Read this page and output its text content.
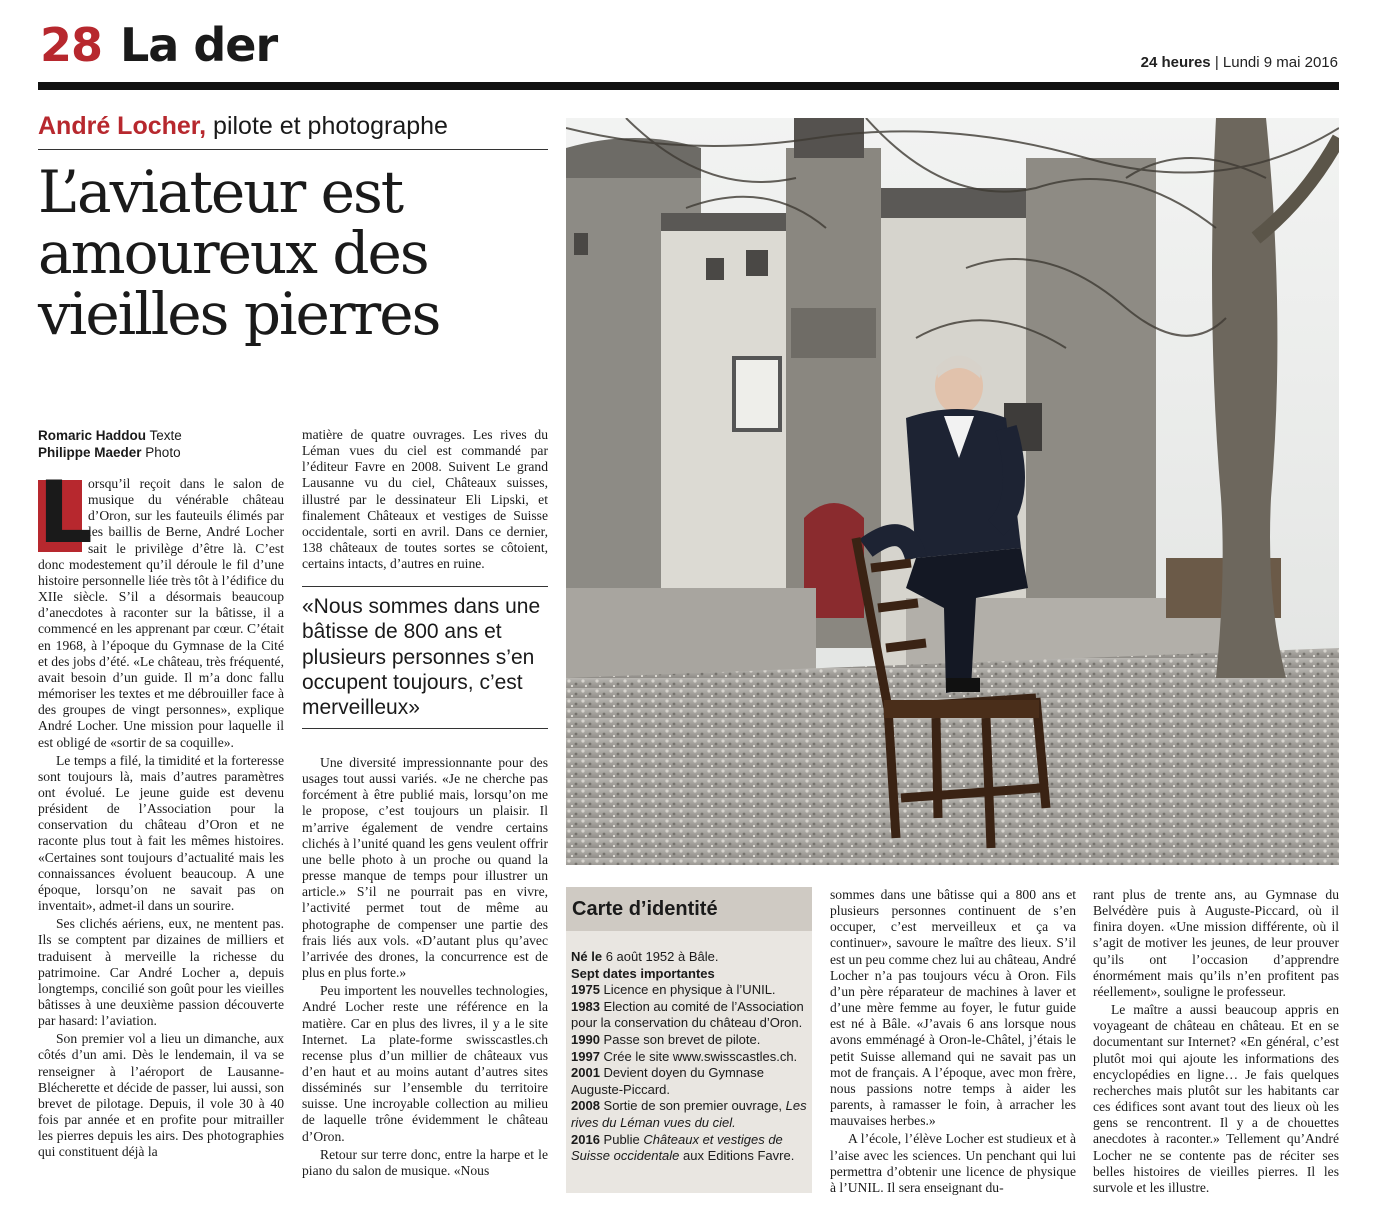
28 La der	24 heures | Lundi 9 mai 2016
André Locher, pilote et photographe
L’aviateur est amoureux des vieilles pierres
Romaric Haddou Texte
Philippe Maeder Photo

L
orsqu’il reçoit dans le salon de musique du vénérable château d’Oron, sur les fauteuils élimés par les baillis de Berne, André Locher sait le privilège d’être là. C’est donc modestement qu’il déroule le fil d’une histoire personnelle liée très tôt à l’édifice du XIIe siècle. S’il a désormais beaucoup d’anecdotes à raconter sur la bâtisse, il a commencé en les apprenant par cœur. C’était en 1968, à l’époque du Gymnase de la Cité et des jobs d’été. «Le château, très fréquenté, avait besoin d’un guide. Il m’a donc fallu mémoriser les textes et me débrouiller face à des groupes de vingt personnes», explique André Locher. Une mission pour laquelle il est obligé de «sortir de sa coquille».

Le temps a filé, la timidité et la forteresse sont toujours là, mais d’autres paramètres ont évolué. Le jeune guide est devenu président de l’Association pour la conservation du château d’Oron et ne raconte plus tout à fait les mêmes histoires. «Certaines sont toujours d’actualité mais les connaissances évoluent beaucoup. A une époque, lorsqu’on ne savait pas on inventait», admet-il dans un sourire.

Ses clichés aériens, eux, ne mentent pas. Ils se comptent par dizaines de milliers et traduisent à merveille la richesse du patrimoine. Car André Locher a, depuis longtemps, concilié son goût pour les vieilles bâtisses à une deuxième passion découverte par hasard: l’aviation.

Son premier vol a lieu un dimanche, aux côtés d’un ami. Dès le lendemain, il va se renseigner à l’aéroport de Lausanne-Blécherette et décide de passer, lui aussi, son brevet de pilotage. Depuis, il vole 30 à 40 fois par année et en profite pour mitrailler les pierres depuis les airs. Des photographies qui constituent déjà la

matière de quatre ouvrages. Les rives du Léman vues du ciel est commandé par l’éditeur Favre en 2008. Suivent Le grand Lausanne vu du ciel, Châteaux suisses, illustré par le dessinateur Eli Lipski, et finalement Châteaux et vestiges de Suisse occidentale, sorti en avril. Dans ce dernier, 138 châteaux de toutes sortes se côtoient, certains intacts, d’autres en ruine.

«Nous sommes dans une bâtisse de 800 ans et plusieurs personnes s’en occupent toujours, c’est merveilleux»

Une diversité impressionnante pour des usages tout aussi variés. «Je ne cherche pas forcément à être publié mais, lorsqu’on me le propose, c’est toujours un plaisir. Il m’arrive également de vendre certains clichés à l’unité quand les gens veulent offrir une belle photo à un proche ou quand la presse manque de temps pour illustrer un article.» S’il ne pourrait pas en vivre, l’activité permet tout de même au photographe de compenser une partie des frais liés aux vols. «D’autant plus qu’avec l’arrivée des drones, la concurrence est de plus en plus forte.»

Peu importent les nouvelles technologies, André Locher reste une référence en la matière. Car en plus des livres, il y a le site Internet. La plate-forme swisscastles.ch recense plus d’un millier de châteaux vus d’en haut et au moins autant d’autres sites disséminés sur l’ensemble du territoire suisse. Une incroyable collection au milieu de laquelle trône évidemment le château d’Oron.

Retour sur terre donc, entre la harpe et le piano du salon de musique. «Nous

Carte d’identité
Né le 6 août 1952 à Bâle.
Sept dates importantes
1975 Licence en physique à l’UNIL.
1983 Election au comité de l’Association pour la conservation du château d’Oron.
1990 Passe son brevet de pilote.
1997 Crée le site www.swisscastles.ch.
2001 Devient doyen du Gymnase Auguste-Piccard.
2008 Sortie de son premier ouvrage, Les rives du Léman vues du ciel.
2016 Publie Châteaux et vestiges de Suisse occidentale aux Editions Favre.

sommes dans une bâtisse qui a 800 ans et plusieurs personnes continuent de s’en occuper, c’est merveilleux et ça va continuer», savoure le maître des lieux. S’il est un peu comme chez lui au château, André Locher n’a pas toujours vécu à Oron. Fils d’un père réparateur de machines à laver et d’une mère femme au foyer, le futur guide est né à Bâle. «J’avais 6 ans lorsque nous avons emménagé à Oron-le-Châtel, j’étais le petit Suisse allemand qui ne savait pas un mot de français. A l’époque, avec mon frère, nous passions notre temps à aider les parents, à ramasser le foin, à arracher les mauvaises herbes.»

A l’école, l’élève Locher est studieux et à l’aise avec les sciences. Un penchant qui lui permettra d’obtenir une licence de physique à l’UNIL. Il sera enseignant du-

rant plus de trente ans, au Gymnase du Belvédère puis à Auguste-Piccard, où il finira doyen. «Une mission différente, où il s’agit de motiver les jeunes, de leur prouver qu’ils ont l’occasion d’apprendre énormément mais qu’ils n’en profitent pas réellement», souligne le professeur.

Le maître a aussi beaucoup appris en voyageant de château en château. Et en se documentant sur Internet? «En général, c’est plutôt moi qui ajoute les informations des encyclopédies en ligne… Je fais quelques recherches mais plutôt sur les habitants car ces édifices sont avant tout des lieux où les gens se rencontrent. Il y a de chouettes anecdotes à raconter.» Tellement qu’André Locher ne se contente pas de réciter ses belles histoires de vieilles pierres. Il les survole et les illustre.
